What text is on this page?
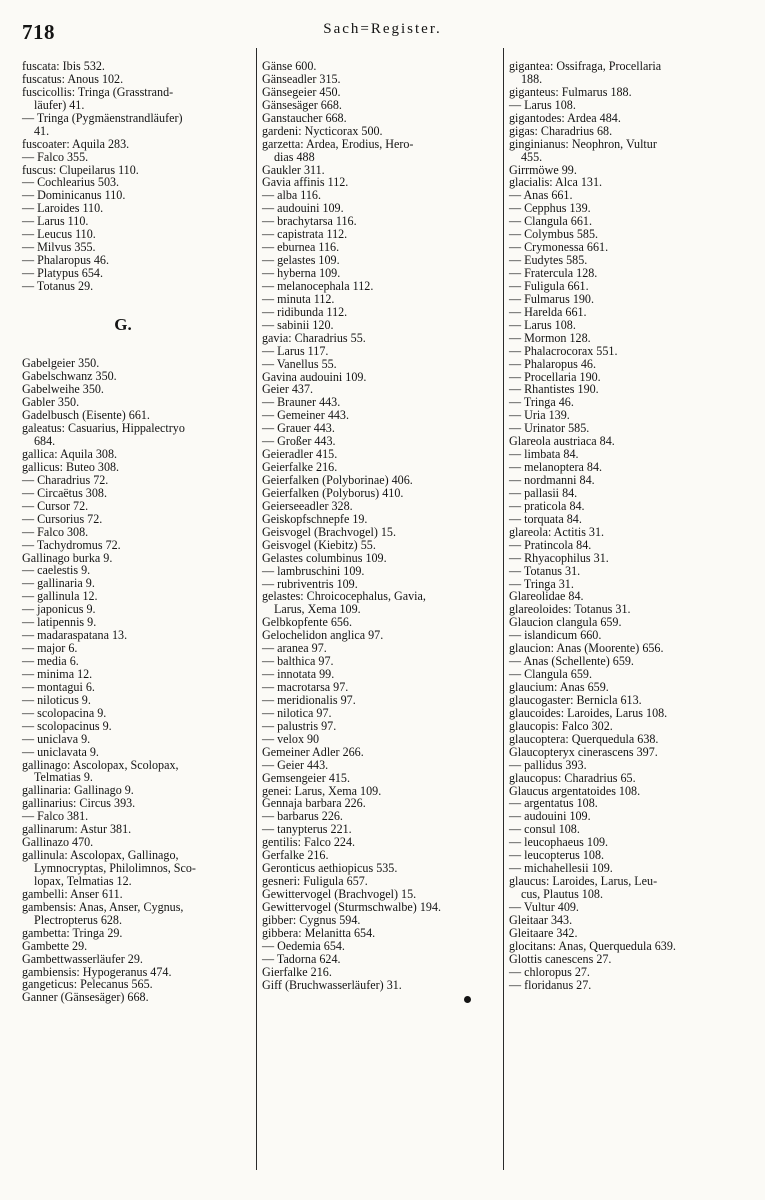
718	Sach=Register.
fuscata: Ibis 532.
fuscatus: Anous 102.
fuscicollis: Tringa (Grasstrand-
läufer) 41.
— Tringa (Pygmäenstrandläufer)
41.
fuscoater: Aquila 283.
— Falco 355.
fuscus: Clupeilarus 110.
— Cochlearius 503.
— Dominicanus 110.
— Laroides 110.
— Larus 110.
— Leucus 110.
— Milvus 355.
— Phalaropus 46.
— Platypus 654.
— Totanus 29.
G.
Gabelgeier 350.
Gabelschwanz 350.
Gabelweihe 350.
Gabler 350.
Gadelbusch (Eisente) 661.
galeatus: Casuarius, Hippalectryo
684.
gallica: Aquila 308.
gallicus: Buteo 308.
— Charadrius 72.
— Circaëtus 308.
— Cursor 72.
— Cursorius 72.
— Falco 308.
— Tachydromus 72.
Gallinago burka 9.
— caelestis 9.
— gallinaria 9.
— gallinula 12.
— japonicus 9.
— latipennis 9.
— madaraspatana 13.
— major 6.
— media 6.
— minima 12.
— montagui 6.
— niloticus 9.
— scolopacina 9.
— scolopacinus 9.
— uniclava 9.
— uniclavata 9.
gallinago: Ascolopax, Scolopax,
Telmatias 9.
gallinaria: Gallinago 9.
gallinarius: Circus 393.
— Falco 381.
gallinarum: Astur 381.
Gallinazo 470.
gallinula: Ascolopax, Gallinago,
Lymnocryptas, Philolimnos, Sco-
lopax, Telmatias 12.
gambelli: Anser 611.
gambensis: Anas, Anser, Cygnus,
Plectropterus 628.
gambetta: Tringa 29.
Gambette 29.
Gambettwasserläufer 29.
gambiensis: Hypogeranus 474.
gangeticus: Pelecanus 565.
Ganner (Gänsesäger) 668.
Gänse 600.
Gänseadler 315.
Gänsegeier 450.
Gänsesäger 668.
Ganstaucher 668.
gardeni: Nycticorax 500.
garzetta: Ardea, Erodius, Hero-
dias 488
Gaukler 311.
Gavia affinis 112.
— alba 116.
— audouini 109.
— brachytarsa 116.
— capistrata 112.
— eburnea 116.
— gelastes 109.
— hyberna 109.
— melanocephala 112.
— minuta 112.
— ridibunda 112.
— sabinii 120.
gavia: Charadrius 55.
— Larus 117.
— Vanellus 55.
Gavina audouini 109.
Geier 437.
— Brauner 443.
— Gemeiner 443.
— Grauer 443.
— Großer 443.
Geieradler 415.
Geierfalke 216.
Geierfalken (Polyborinae) 406.
Geierfalken (Polyborus) 410.
Geierseeadler 328.
Geiskopfschnepfe 19.
Geisvogel (Brachvogel) 15.
Geisvogel (Kiebitz) 55.
Gelastes columbinus 109.
— lambruschini 109.
— rubriventris 109.
gelastes: Chroicocephalus, Gavia,
Larus, Xema 109.
Gelbkopfente 656.
Gelochelidon anglica 97.
— aranea 97.
— balthica 97.
— innotata 99.
— macrotarsa 97.
— meridionalis 97.
— nilotica 97.
— palustris 97.
— velox 90
Gemeiner Adler 266.
— Geier 443.
Gemsengeier 415.
genei: Larus, Xema 109.
Gennaja barbara 226.
— barbarus 226.
— tanypterus 221.
gentilis: Falco 224.
Gerfalke 216.
Geronticus aethiopicus 535.
gesneri: Fuligula 657.
Gewittervogel (Brachvogel) 15.
Gewittervogel (Sturmschwalbe) 194.
gibber: Cygnus 594.
gibbera: Melanitta 654.
— Oedemia 654.
— Tadorna 624.
Gierfalke 216.
Giff (Bruchwasserläufer) 31.
gigantea: Ossifraga, Procellaria
188.
giganteus: Fulmarus 188.
— Larus 108.
gigantodes: Ardea 484.
gigas: Charadrius 68.
ginginianus: Neophron, Vultur
455.
Girrmöwe 99.
glacialis: Alca 131.
— Anas 661.
— Cepphus 139.
— Clangula 661.
— Colymbus 585.
— Crymonessa 661.
— Eudytes 585.
— Fratercula 128.
— Fuligula 661.
— Fulmarus 190.
— Harelda 661.
— Larus 108.
— Mormon 128.
— Phalacrocorax 551.
— Phalaropus 46.
— Procellaria 190.
— Rhantistes 190.
— Tringa 46.
— Uria 139.
— Urinator 585.
Glareola austriaca 84.
— limbata 84.
— melanoptera 84.
— nordmanni 84.
— pallasii 84.
— praticola 84.
— torquata 84.
glareola: Actitis 31.
— Pratincola 84.
— Rhyacophilus 31.
— Totanus 31.
— Tringa 31.
Glareolidae 84.
glareoloides: Totanus 31.
Glaucion clangula 659.
— islandicum 660.
glaucion: Anas (Moorente) 656.
— Anas (Schellente) 659.
— Clangula 659.
glaucium: Anas 659.
glaucogaster: Bernicla 613.
glaucoides: Laroides, Larus 108.
glaucopis: Falco 302.
glaucoptera: Querquedula 638.
Glaucopteryx cinerascens 397.
— pallidus 393.
glaucopus: Charadrius 65.
Glaucus argentatoides 108.
— argentatus 108.
— audouini 109.
— consul 108.
— leucophaeus 109.
— leucopterus 108.
— michahellesii 109.
glaucus: Laroides, Larus, Leu-
cus, Plautus 108.
— Vultur 409.
Gleitaar 343.
Gleitaare 342.
glocitans: Anas, Querquedula 639.
Glottis canescens 27.
— chloropus 27.
— floridanus 27.
